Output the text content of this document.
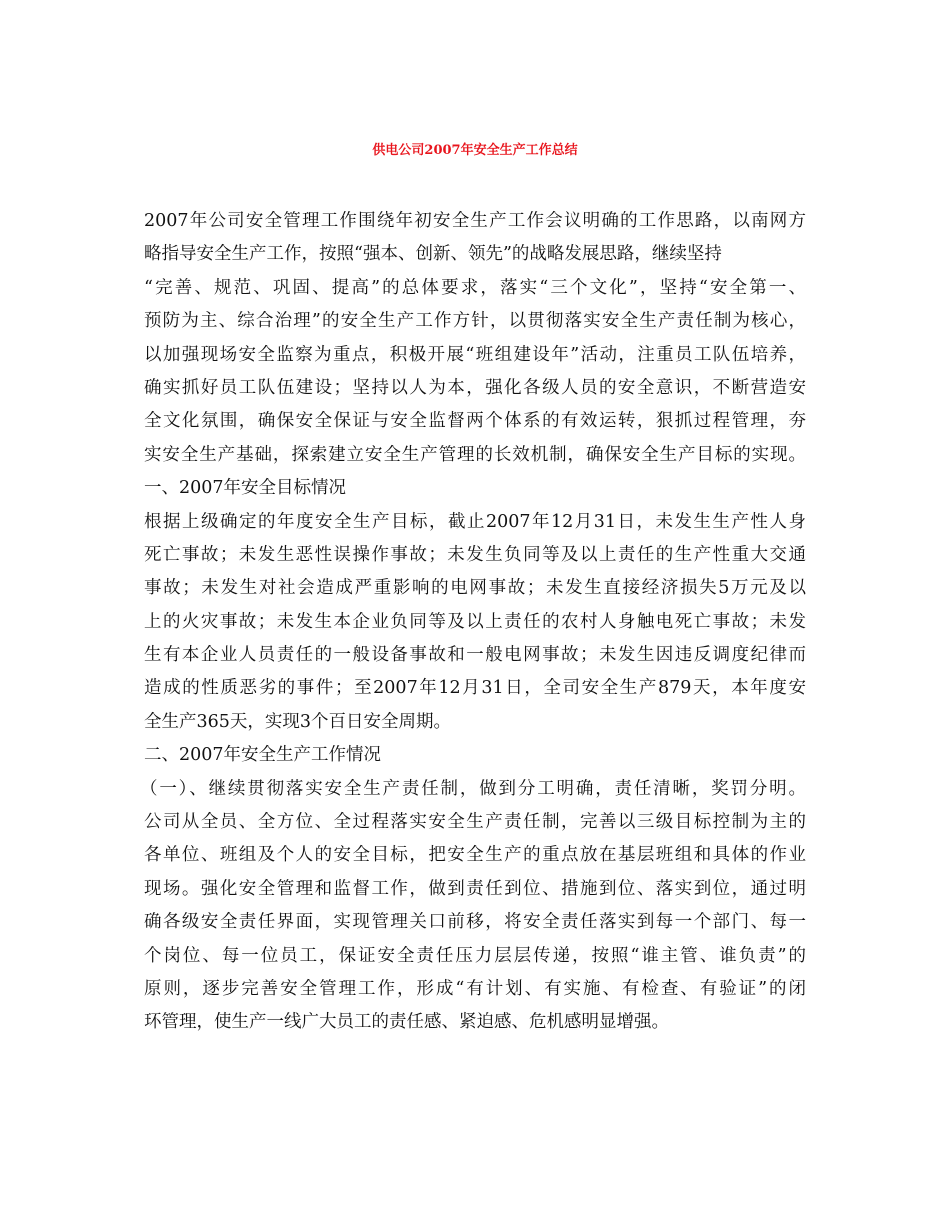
供电公司2007年安全生产工作总结
2007年公司安全管理工作围绕年初安全生产工作会议明确的工作思路，以南网方
略指导安全生产工作，按照“强本、创新、领先”的战略发展思路，继续坚持
“完善、规范、巩固、提高”的总体要求，落实“三个文化”，坚持“安全第一、
预防为主、综合治理”的安全生产工作方针，以贯彻落实安全生产责任制为核心，
以加强现场安全监察为重点，积极开展“班组建设年”活动，注重员工队伍培养，
确实抓好员工队伍建设；坚持以人为本，强化各级人员的安全意识，不断营造安
全文化氛围，确保安全保证与安全监督两个体系的有效运转，狠抓过程管理，夯
实安全生产基础，探索建立安全生产管理的长效机制，确保安全生产目标的实现。
一、2007年安全目标情况
根据上级确定的年度安全生产目标，截止2007年12月31日，未发生生产性人身
死亡事故；未发生恶性误操作事故；未发生负同等及以上责任的生产性重大交通
事故；未发生对社会造成严重影响的电网事故；未发生直接经济损失5万元及以
上的火灾事故；未发生本企业负同等及以上责任的农村人身触电死亡事故；未发
生有本企业人员责任的一般设备事故和一般电网事故；未发生因违反调度纪律而
造成的性质恶劣的事件；至2007年12月31日，全司安全生产879天，本年度安
全生产365天，实现3个百日安全周期。
二、2007年安全生产工作情况
（一）、继续贯彻落实安全生产责任制，做到分工明确，责任清晰，奖罚分明。
公司从全员、全方位、全过程落实安全生产责任制，完善以三级目标控制为主的
各单位、班组及个人的安全目标，把安全生产的重点放在基层班组和具体的作业
现场。强化安全管理和监督工作，做到责任到位、措施到位、落实到位，通过明
确各级安全责任界面，实现管理关口前移，将安全责任落实到每一个部门、每一
个岗位、每一位员工，保证安全责任压力层层传递，按照“谁主管、谁负责”的
原则，逐步完善安全管理工作，形成“有计划、有实施、有检查、有验证”的闭
环管理，使生产一线广大员工的责任感、紧迫感、危机感明显增强。
